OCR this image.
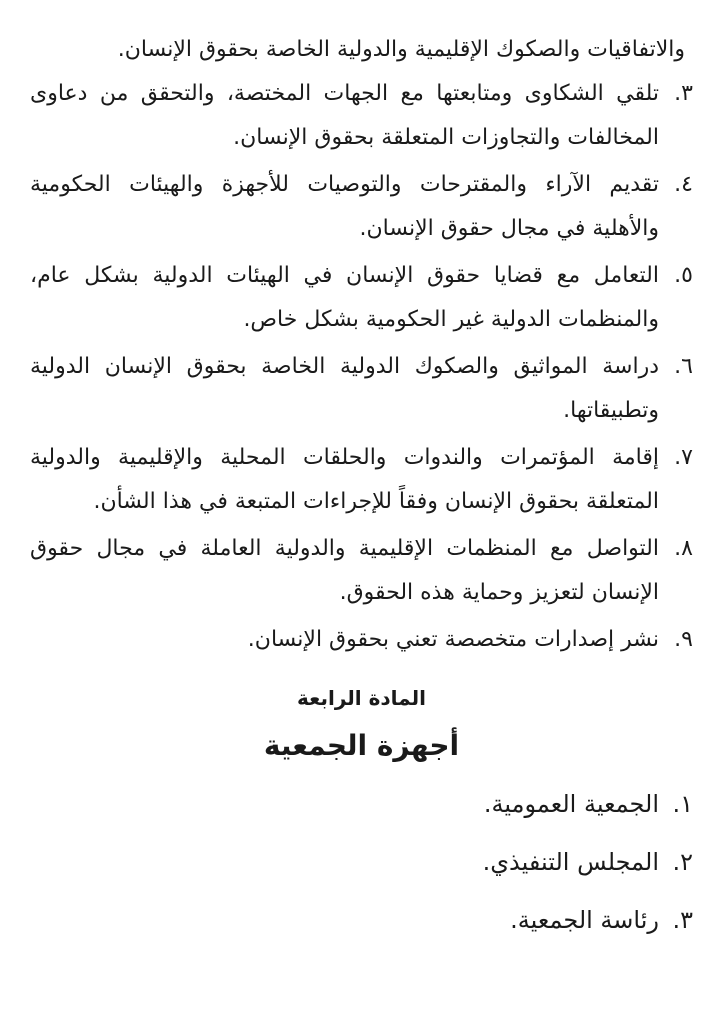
والاتفاقيات والصكوك الإقليمية والدولية الخاصة بحقوق الإنسان.

٣.
تلقي الشكاوى ومتابعتها مع الجهات المختصة، والتحقق من دعاوى المخالفات والتجاوزات المتعلقة بحقوق الإنسان.
٤.
تقديم الآراء والمقترحات والتوصيات للأجهزة والهيئات الحكومية والأهلية في مجال حقوق الإنسان.
٥.
التعامل مع قضايا حقوق الإنسان في الهيئات الدولية بشكل عام، والمنظمات الدولية غير الحكومية بشكل خاص.
٦.
دراسة المواثيق والصكوك الدولية الخاصة بحقوق الإنسان الدولية وتطبيقاتها.
٧.
إقامة المؤتمرات والندوات والحلقات المحلية والإقليمية والدولية المتعلقة بحقوق الإنسان وفقاً للإجراءات المتبعة في هذا الشأن.
٨.
التواصل مع المنظمات الإقليمية والدولية العاملة في مجال حقوق الإنسان لتعزيز وحماية هذه الحقوق.
٩.
نشر إصدارات متخصصة تعني بحقوق الإنسان.
المادة الرابعة
أجهزة الجمعية
١.
الجمعية العمومية.
٢.
المجلس التنفيذي.
٣.
رئاسة الجمعية.
